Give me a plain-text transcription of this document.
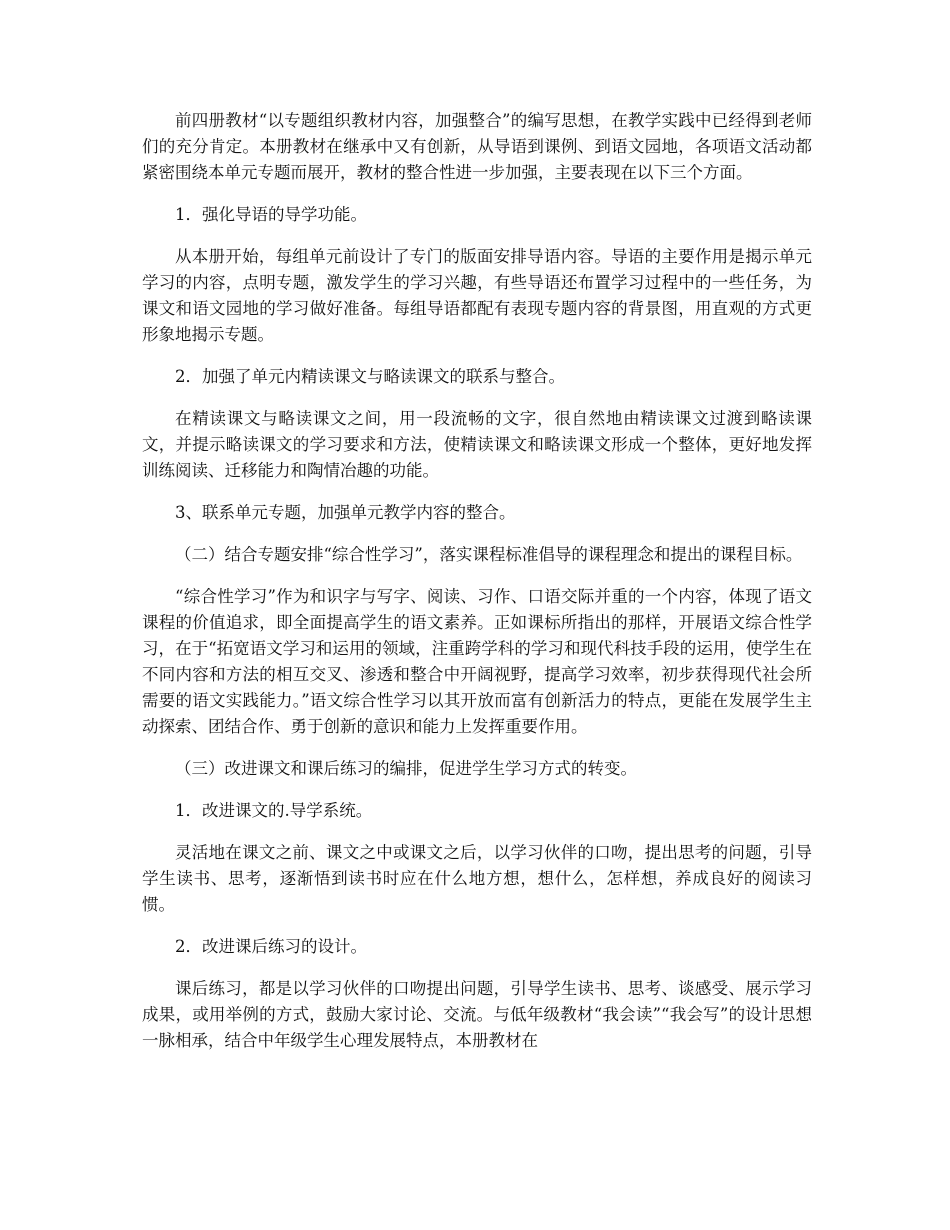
前四册教材“以专题组织教材内容，加强整合”的编写思想，在教学实践中已经得到老师们的充分肯定。本册教材在继承中又有创新，从导语到课例、到语文园地，各项语文活动都紧密围绕本单元专题而展开，教材的整合性进一步加强，主要表现在以下三个方面。

1．强化导语的导学功能。

从本册开始，每组单元前设计了专门的版面安排导语内容。导语的主要作用是揭示单元学习的内容，点明专题，激发学生的学习兴趣，有些导语还布置学习过程中的一些任务，为课文和语文园地的学习做好准备。每组导语都配有表现专题内容的背景图，用直观的方式更形象地揭示专题。

2．加强了单元内精读课文与略读课文的联系与整合。

在精读课文与略读课文之间，用一段流畅的文字，很自然地由精读课文过渡到略读课文，并提示略读课文的学习要求和方法，使精读课文和略读课文形成一个整体，更好地发挥训练阅读、迁移能力和陶情冶趣的功能。

3、联系单元专题，加强单元教学内容的整合。

（二）结合专题安排“综合性学习”，落实课程标准倡导的课程理念和提出的课程目标。

“综合性学习”作为和识字与写字、阅读、习作、口语交际并重的一个内容，体现了语文课程的价值追求，即全面提高学生的语文素养。正如课标所指出的那样，开展语文综合性学习，在于“拓宽语文学习和运用的领域，注重跨学科的学习和现代科技手段的运用，使学生在不同内容和方法的相互交叉、渗透和整合中开阔视野，提高学习效率，初步获得现代社会所需要的语文实践能力。”语文综合性学习以其开放而富有创新活力的特点，更能在发展学生主动探索、团结合作、勇于创新的意识和能力上发挥重要作用。

（三）改进课文和课后练习的编排，促进学生学习方式的转变。

1．改进课文的.导学系统。

灵活地在课文之前、课文之中或课文之后，以学习伙伴的口吻，提出思考的问题，引导学生读书、思考，逐渐悟到读书时应在什么地方想，想什么，怎样想，养成良好的阅读习惯。

2．改进课后练习的设计。

课后练习，都是以学习伙伴的口吻提出问题，引导学生读书、思考、谈感受、展示学习成果，或用举例的方式，鼓励大家讨论、交流。与低年级教材“我会读”“我会写”的设计思想一脉相承，结合中年级学生心理发展特点，本册教材在
